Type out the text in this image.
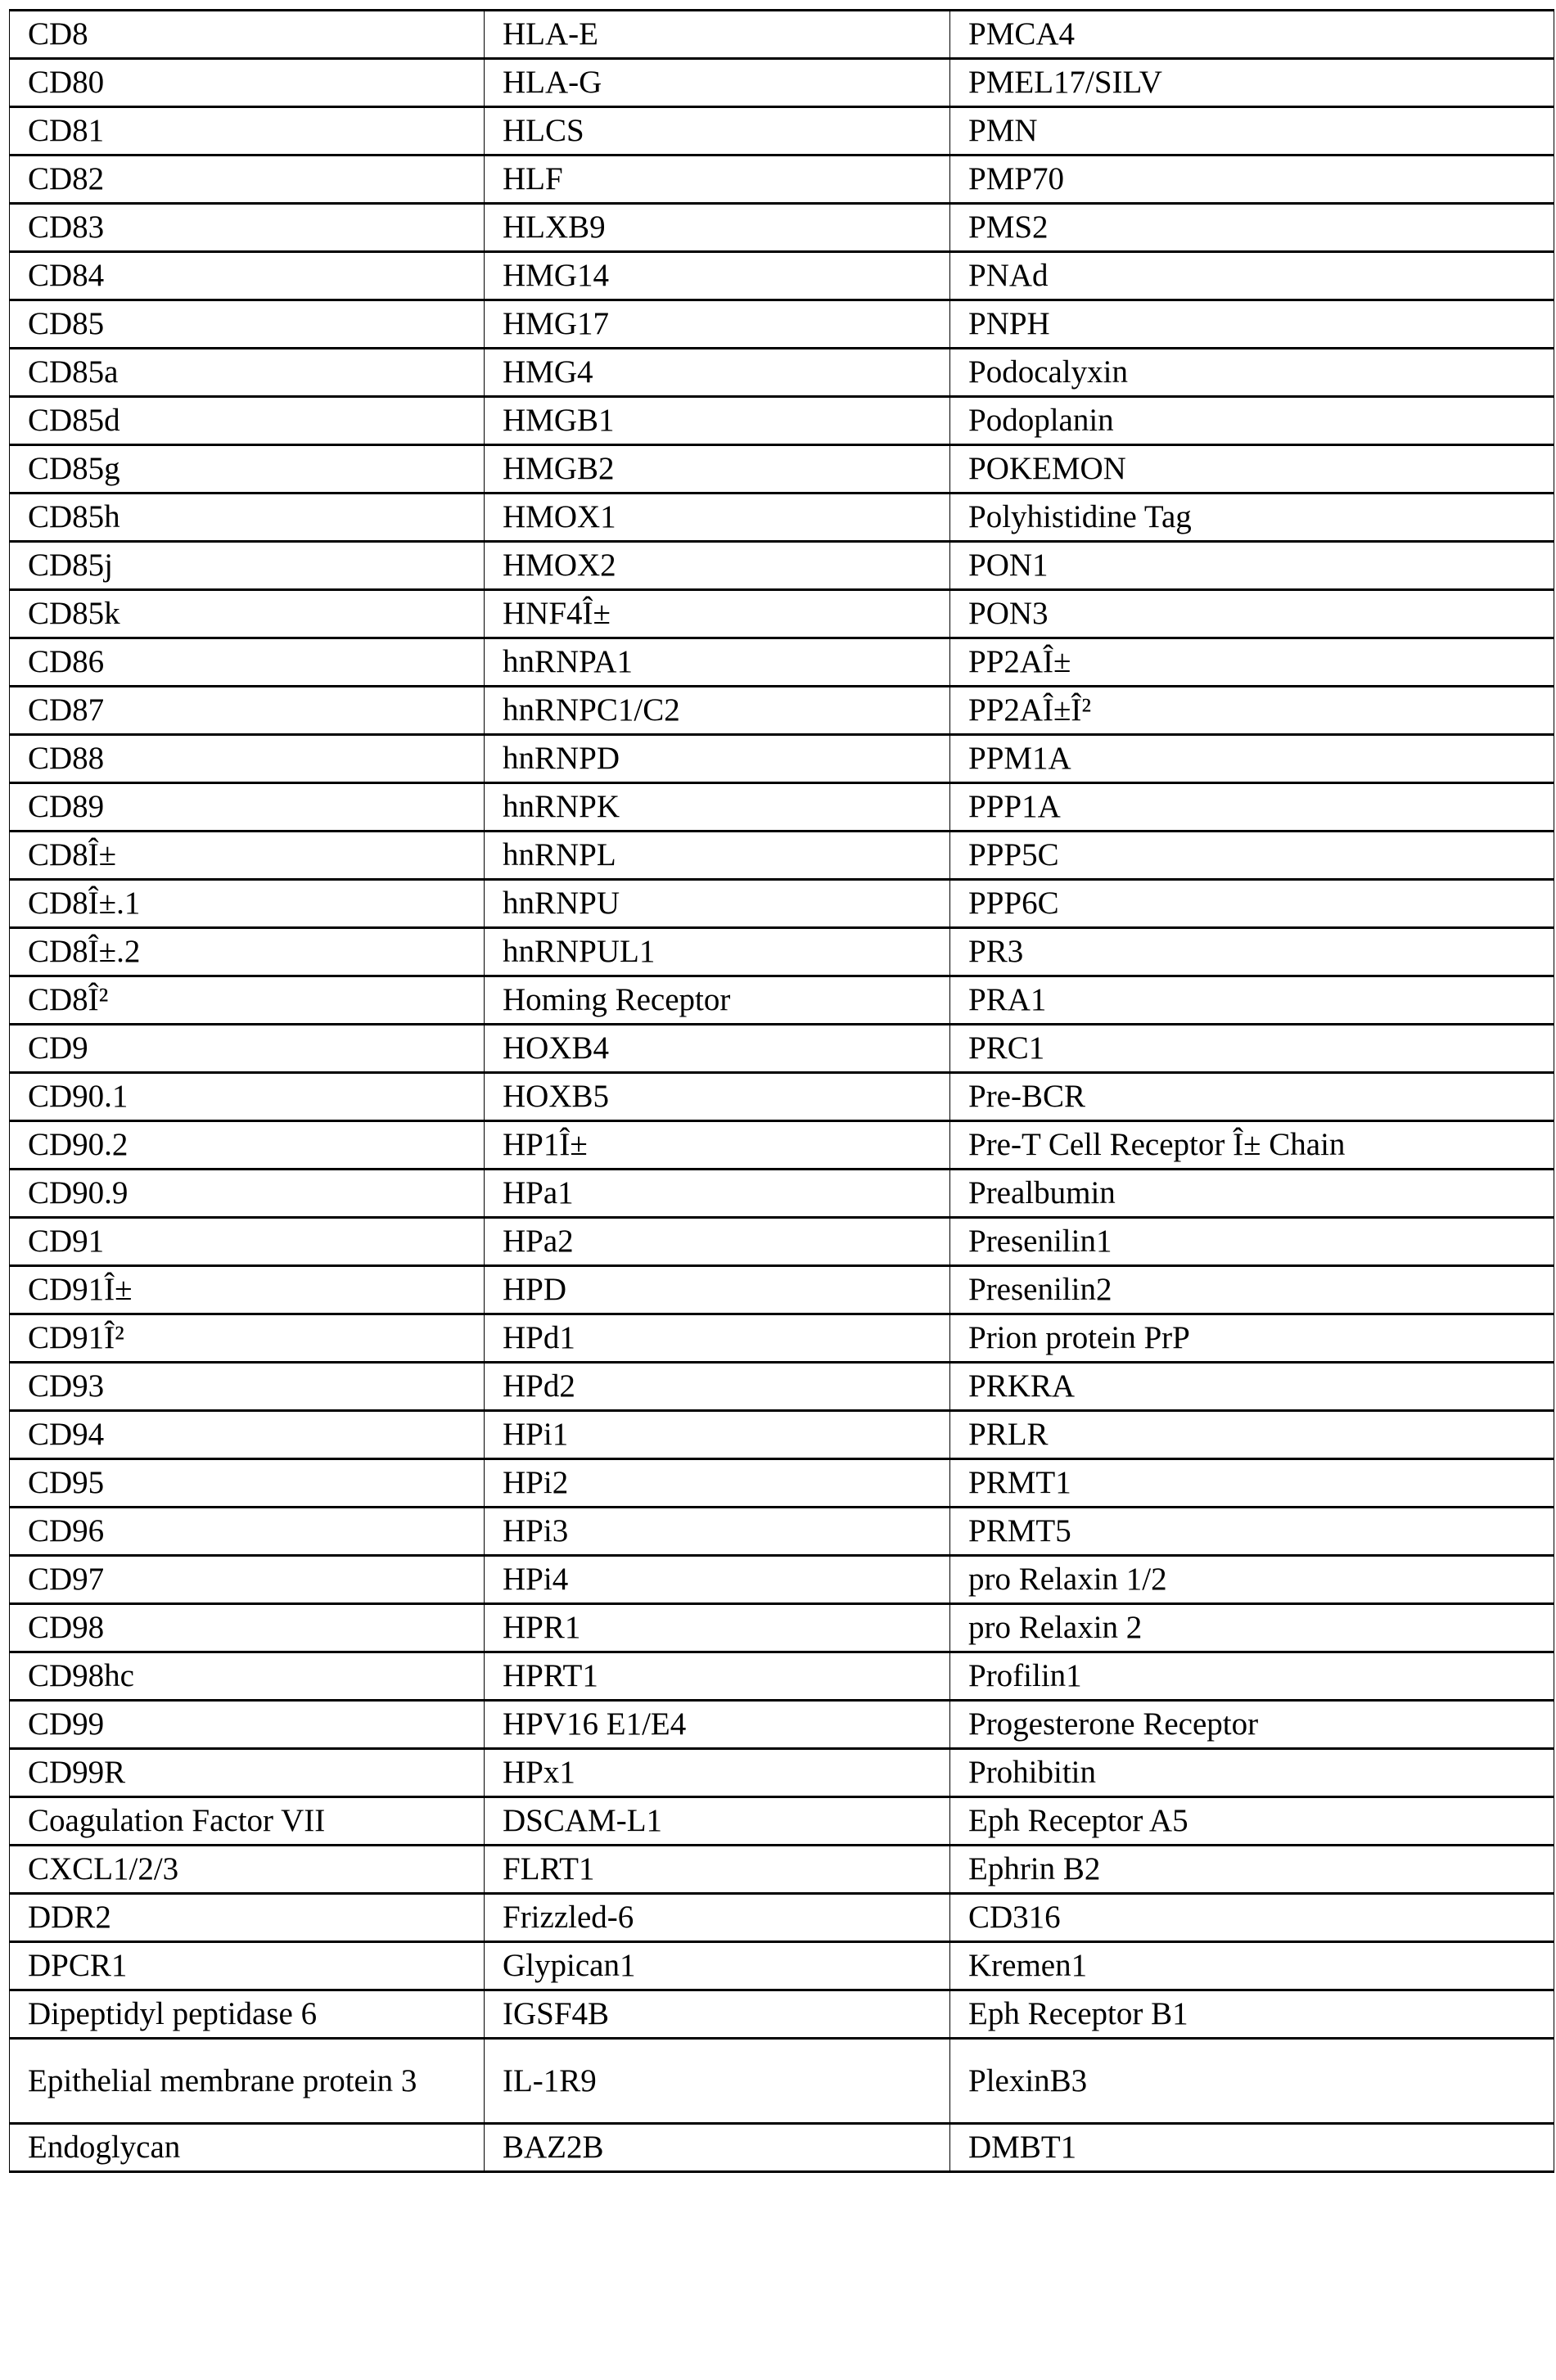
CD8	HLA-E	PMCA4
CD80	HLA-G	PMEL17/SILV
CD81	HLCS	PMN
CD82	HLF	PMP70
CD83	HLXB9	PMS2
CD84	HMG14	PNAd
CD85	HMG17	PNPH
CD85a	HMG4	Podocalyxin
CD85d	HMGB1	Podoplanin
CD85g	HMGB2	POKEMON
CD85h	HMOX1	Polyhistidine Tag
CD85j	HMOX2	PON1
CD85k	HNF4Î±	PON3
CD86	hnRNPA1	PP2AÎ±
CD87	hnRNPC1/C2	PP2AÎ±Î²
CD88	hnRNPD	PPM1A
CD89	hnRNPK	PPP1A
CD8Î±	hnRNPL	PPP5C
CD8Î±.1	hnRNPU	PPP6C
CD8Î±.2	hnRNPUL1	PR3
CD8Î²	Homing Receptor	PRA1
CD9	HOXB4	PRC1
CD90.1	HOXB5	Pre-BCR
CD90.2	HP1Î±	Pre-T Cell Receptor Î± Chain
CD90.9	HPa1	Prealbumin
CD91	HPa2	Presenilin1
CD91Î±	HPD	Presenilin2
CD91Î²	HPd1	Prion protein PrP
CD93	HPd2	PRKRA
CD94	HPi1	PRLR
CD95	HPi2	PRMT1
CD96	HPi3	PRMT5
CD97	HPi4	pro Relaxin 1/2
CD98	HPR1	pro Relaxin 2
CD98hc	HPRT1	Profilin1
CD99	HPV16 E1/E4	Progesterone Receptor
CD99R	HPx1	Prohibitin
Coagulation Factor VII	DSCAM-L1	Eph Receptor A5
CXCL1/2/3	FLRT1	Ephrin B2
DDR2	Frizzled-6	CD316
DPCR1	Glypican1	Kremen1
Dipeptidyl peptidase 6	IGSF4B	Eph Receptor B1
Epithelial membrane protein 3	IL-1R9	PlexinB3
Endoglycan	BAZ2B	DMBT1
